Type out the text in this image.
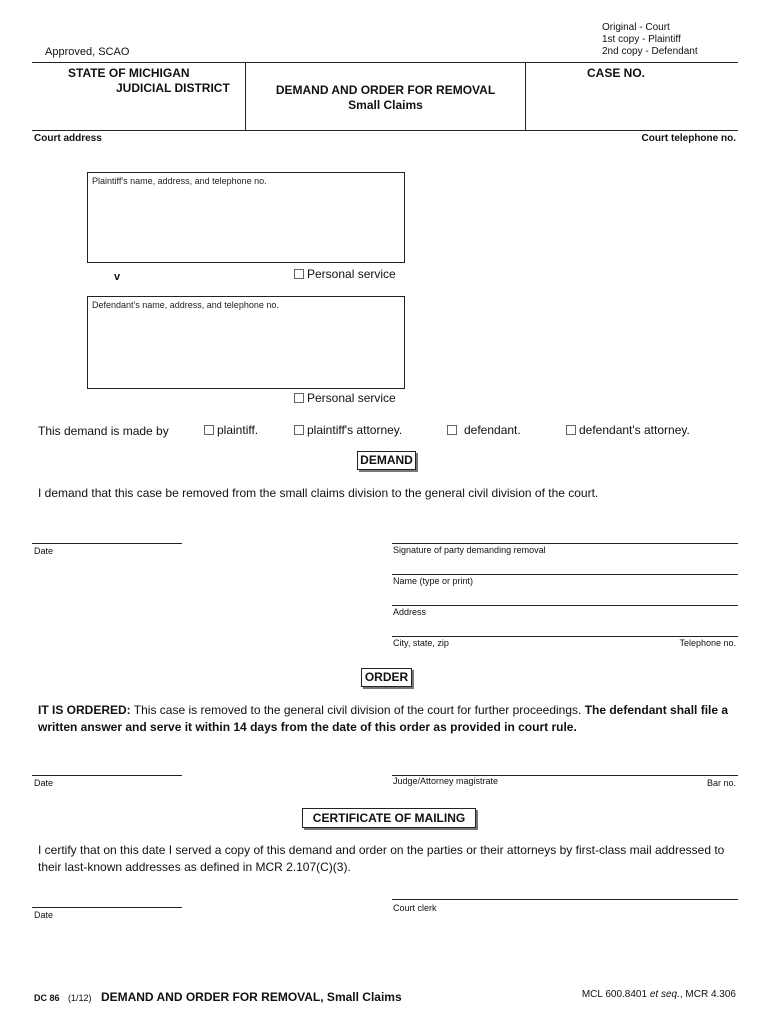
Approved, SCAO
Original - Court
1st copy - Plaintiff
2nd copy - Defendant
STATE OF MICHIGAN
JUDICIAL DISTRICT	DEMAND AND ORDER FOR REMOVAL
Small Claims
CASE NO.
Court address	Court telephone no.
Plaintiff's name, address, and telephone no.
v	Personal service
Defendant's name, address, and telephone no.
Personal service
This demand is made by	plaintiff.	plaintiff's attorney.	defendant.	defendant's attorney.
DEMAND
I demand that this case be removed from the small claims division to the general civil division of the court.
Date	Signature of party demanding removal
Name (type or print)
Address
City, state, zip	Telephone no.
ORDER
IT IS ORDERED: This case is removed to the general civil division of the court for further proceedings. The defendant shall file a written answer and serve it within 14 days from the date of this order as provided in court rule.
Date	Judge/Attorney magistrate	Bar no.
CERTIFICATE OF MAILING
I certify that on this date I served a copy of this demand and order on the parties or their attorneys by first-class mail addressed to their last-known addresses as defined in MCR 2.107(C)(3).
Date
Court clerk
DC 86 (1/12) DEMAND AND ORDER FOR REMOVAL, Small Claims	MCL 600.8401 et seq., MCR 4.306
